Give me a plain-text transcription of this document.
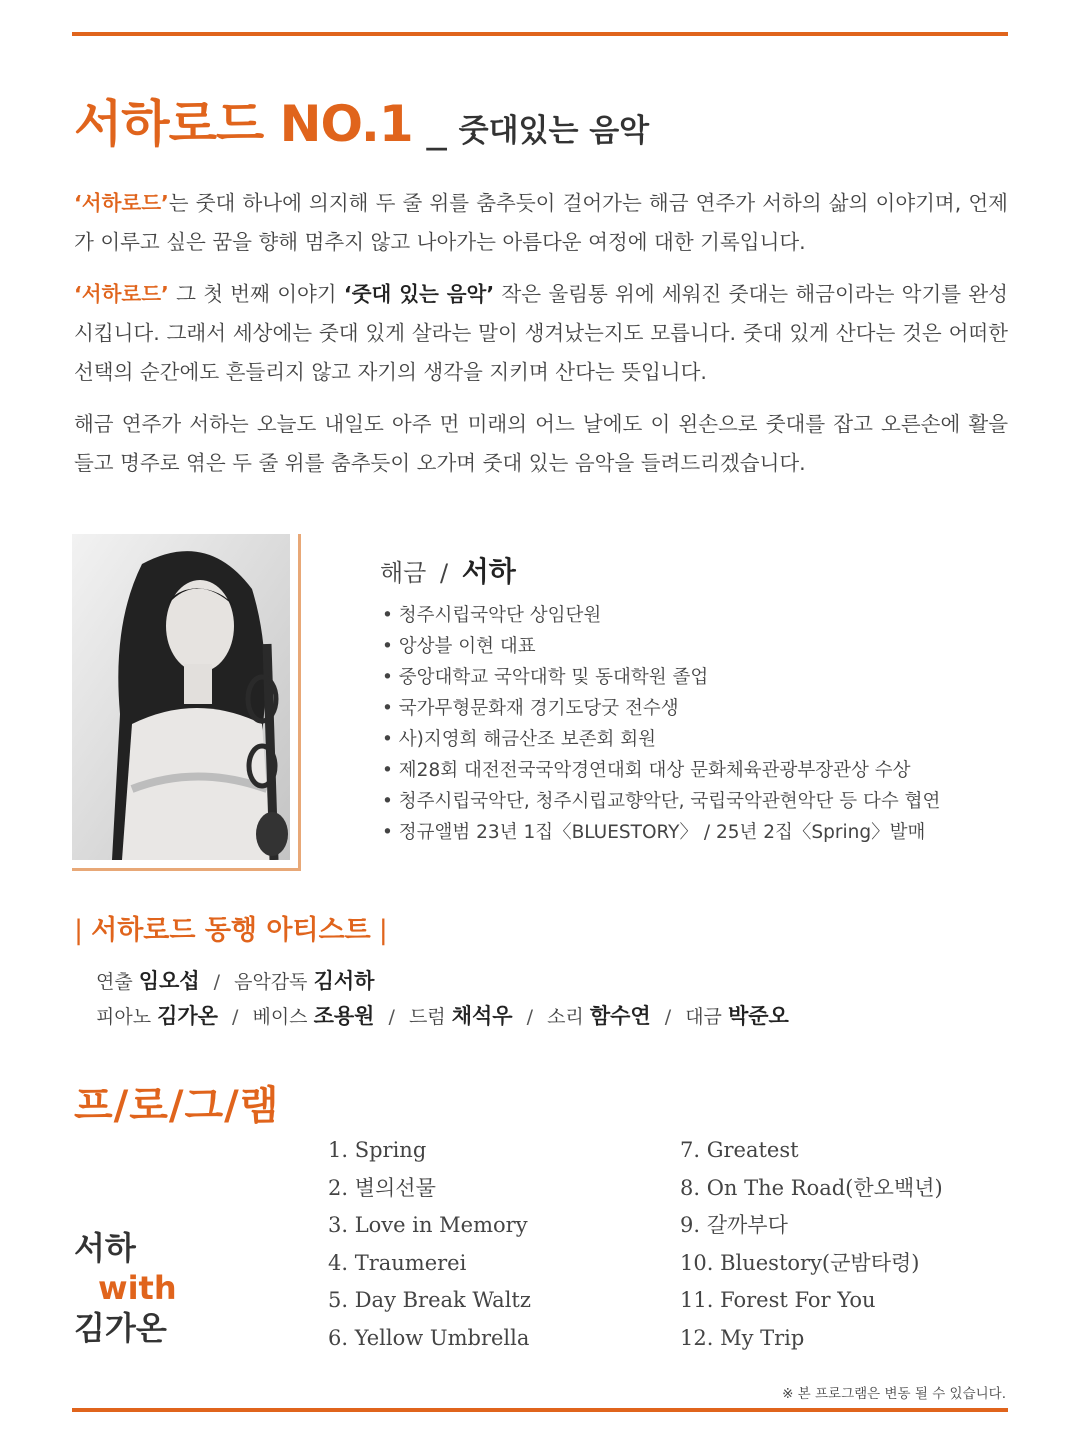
서하로드 NO.1 _ 줏대있는 음악

‘서하로드’는 줏대 하나에 의지해 두 줄 위를 춤추듯이 걸어가는 해금 연주가 서하의 삶의 이야기며, 언제가 이루고 싶은 꿈을 향해 멈추지 않고 나아가는 아름다운 여정에 대한 기록입니다.

‘서하로드’ 그 첫 번째 이야기 ‘줏대 있는 음악’ 작은 울림통 위에 세워진 줏대는 해금이라는 악기를 완성 시킵니다. 그래서 세상에는 줏대 있게 살라는 말이 생겨났는지도 모릅니다. 줏대 있게 산다는 것은 어떠한 선택의 순간에도 흔들리지 않고 자기의 생각을 지키며 산다는 뜻입니다.

해금 연주가 서하는 오늘도 내일도 아주 먼 미래의 어느 날에도 이 왼손으로 줏대를 잡고 오른손에 활을 들고 명주로 엮은 두 줄 위를 춤추듯이 오가며 줏대 있는 음악을 들려드리겠습니다.

해금 / 서하
• 청주시립국악단 상임단원
• 앙상블 이현 대표
• 중앙대학교 국악대학 및 동대학원 졸업
• 국가무형문화재 경기도당굿 전수생
• 사)지영희 해금산조 보존회 회원
• 제28회 대전전국국악경연대회 대상 문화체육관광부장관상 수상
• 청주시립국악단, 청주시립교향악단, 국립국악관현악단 등 다수 협연
• 정규앨범 23년 1집〈BLUESTORY〉 / 25년 2집〈Spring〉발매
| 서하로드 동행 아티스트 |
연출 임오섭 / 음악감독 김서하
피아노 김가온 / 베이스 조용원 / 드럼 채석우 / 소리 함수연 / 대금 박준오
프/로/그/램
서하
with
김가온
1. Spring
2. 별의선물
3. Love in Memory
4. Traumerei
5. Day Break Waltz
6. Yellow Umbrella
7. Greatest
8. On The Road(한오백년)
9. 갈까부다
10. Bluestory(군밤타령)
11. Forest For You
12. My Trip
※ 본 프로그램은 변동 될 수 있습니다.
